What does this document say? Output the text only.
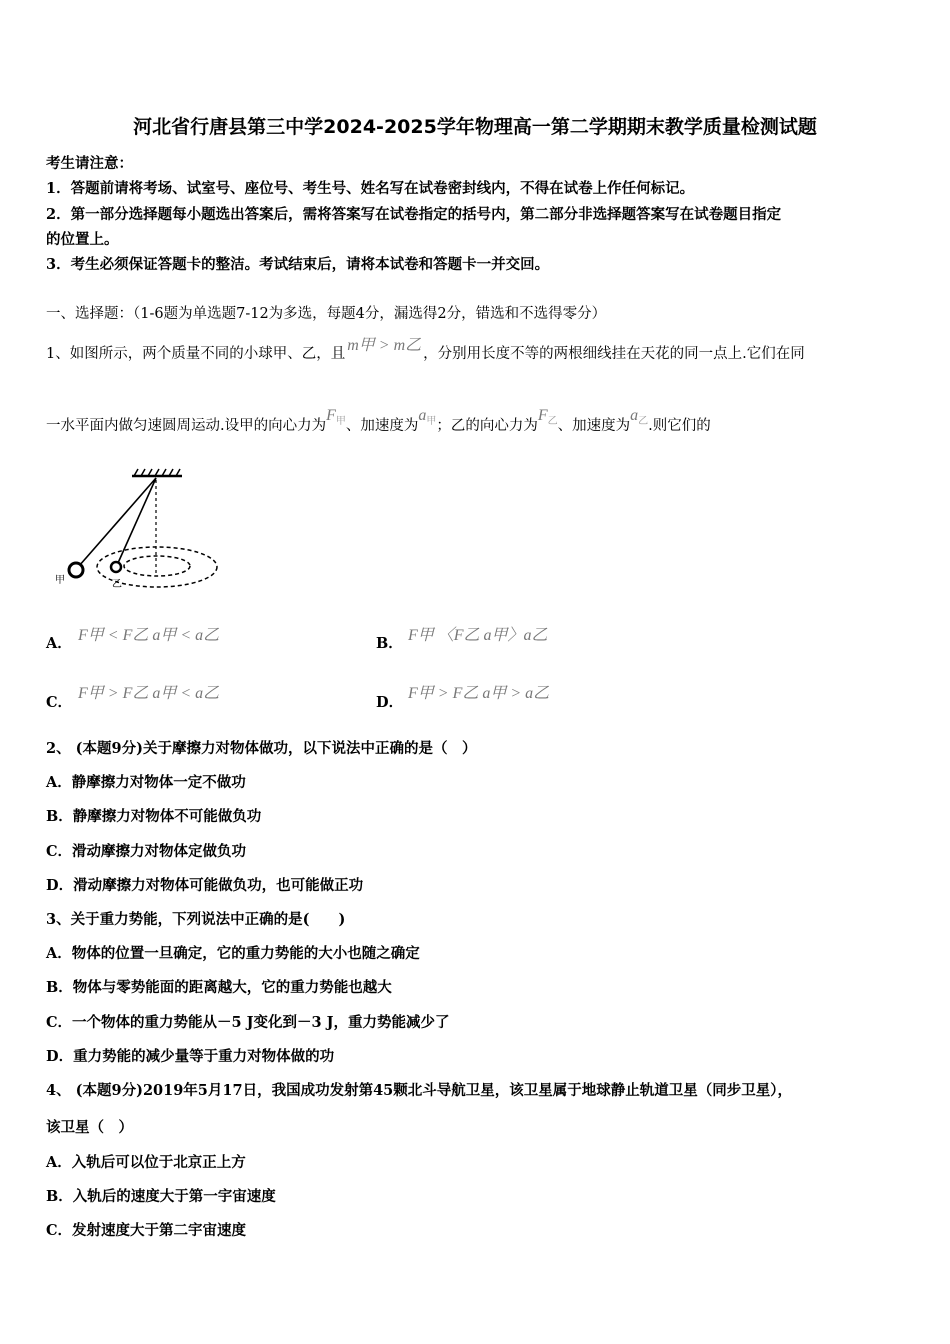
河北省行唐县第三中学2024-2025学年物理高一第二学期期末教学质量检测试题
考生请注意：
1．答题前请将考场、试室号、座位号、考生号、姓名写在试卷密封线内，不得在试卷上作任何标记。
2．第一部分选择题每小题选出答案后，需将答案写在试卷指定的括号内，第二部分非选择题答案写在试卷题目指定
的位置上。
3．考生必须保证答题卡的整洁。考试结束后，请将本试卷和答题卡一并交回。
一、选择题：（1-6题为单选题7-12为多选，每题4分，漏选得2分，错选和不选得零分）
1、如图所示，两个质量不同的小球甲、乙，且 m甲 > m乙 ，分别用长度不等的两根细线挂在天花的同一点上.它们在同
一水平面内做匀速圆周运动.设甲的向心力为$F_甲$、加速度为$a_甲$；乙的向心力为$F_乙$、加速度为$a_乙$.则它们的
甲	乙
A． F甲 < F乙 a甲 < a乙	B． F甲 〈F乙 a甲〉a乙
C．
F甲 > F乙 a甲 < a乙
D．
F甲 > F乙 a甲 > a乙
2、 (本题9分)关于摩擦力对物体做功，以下说法中正确的是（　）
A．静摩擦力对物体一定不做功
B．静摩擦力对物体不可能做负功
C．滑动摩擦力对物体定做负功
D．滑动摩擦力对物体可能做负功，也可能做正功
3、关于重力势能，下列说法中正确的是(　　)
A．物体的位置一旦确定，它的重力势能的大小也随之确定
B．物体与零势能面的距离越大，它的重力势能也越大
C．一个物体的重力势能从－5 J变化到－3 J，重力势能减少了
D．重力势能的减少量等于重力对物体做的功
4、 (本题9分)2019年5月17日，我国成功发射第45颗北斗导航卫星，该卫星属于地球静止轨道卫星（同步卫星），
该卫星（　）
A．入轨后可以位于北京正上方
B．入轨后的速度大于第一宇宙速度
C．发射速度大于第二宇宙速度
